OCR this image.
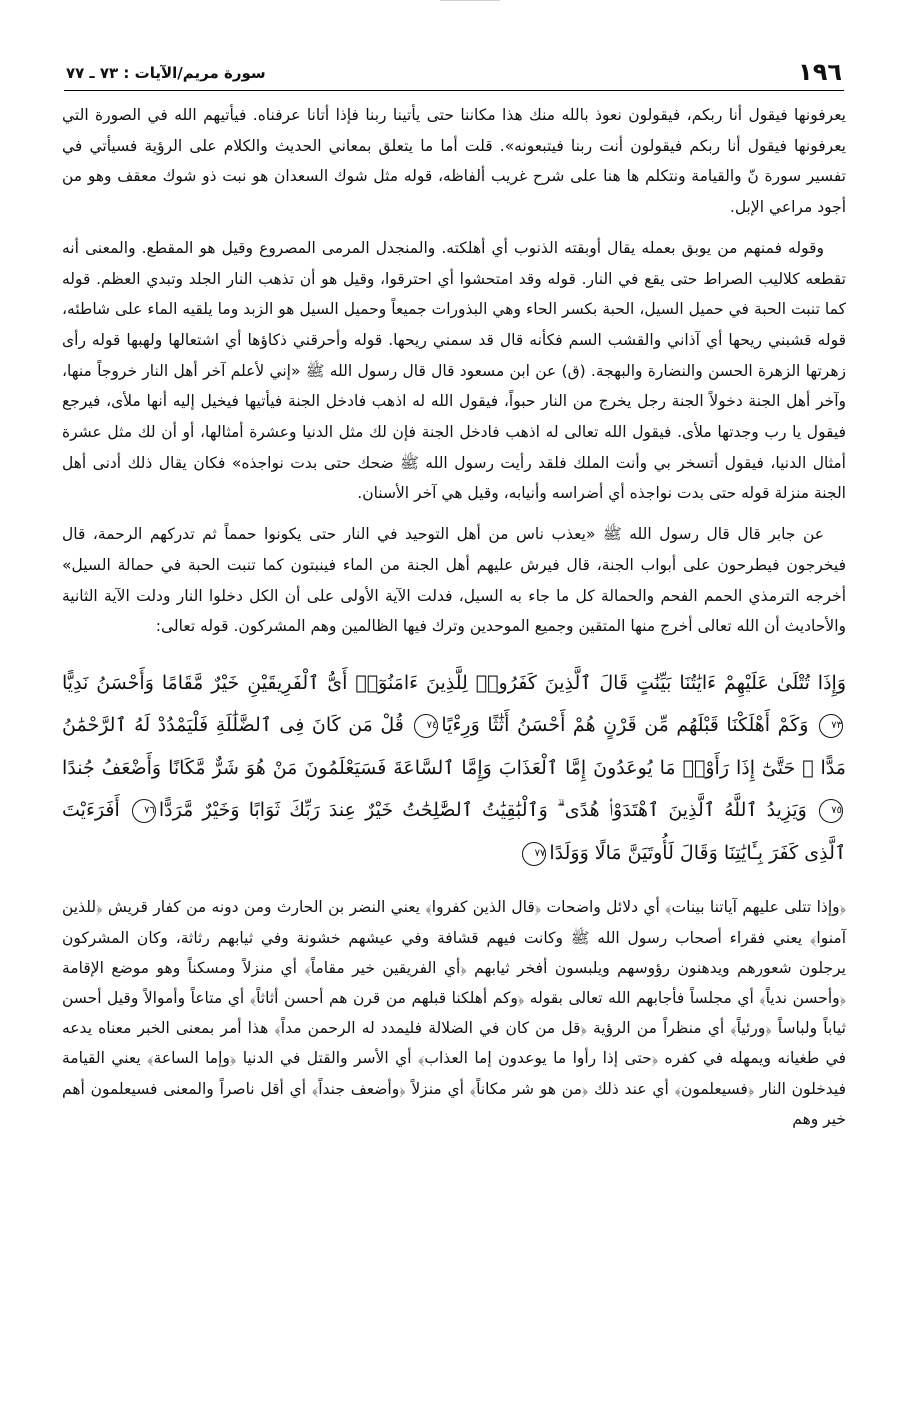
١٩٦
سورة مريم/الآيات : ٧٣ ـ ٧٧

يعرفونها فيقول أنا ربكم، فيقولون نعوذ بالله منك هذا مكاننا حتى يأتينا ربنا فإذا أتانا عرفناه. فيأتيهم الله في الصورة التي يعرفونها فيقول أنا ربكم فيقولون أنت ربنا فيتبعونه». قلت أما ما يتعلق بمعاني الحديث والكلام على الرؤية فسيأتي في تفسير سورة نّ والقيامة ونتكلم ها هنا على شرح غريب ألفاظه، قوله مثل شوك السعدان هو نبت ذو شوك معقف وهو من أجود مراعي الإبل.

وقوله فمنهم من يوبق بعمله يقال أوبقته الذنوب أي أهلكته. والمنجدل المرمى المصروع وقيل هو المقطع. والمعنى أنه تقطعه كلاليب الصراط حتى يقع في النار. قوله وقد امتحشوا أي احترقوا، وقيل هو أن تذهب النار الجلد وتبدي العظم. قوله كما تنبت الحبة في حميل السيل، الحبة بكسر الحاء وهي البذورات جميعاً وحميل السيل هو الزبد وما يلقيه الماء على شاطئه، قوله قشبني ريحها أي آذاني والقشب السم فكأنه قال قد سمني ريحها. قوله وأحرقني ذكاؤها أي اشتعالها ولهبها قوله رأى زهرتها الزهرة الحسن والنضارة والبهجة. (ق) عن ابن مسعود قال قال رسول الله ﷺ «إني لأعلم آخر أهل النار خروجاً منها، وآخر أهل الجنة دخولاً الجنة رجل يخرج من النار حبواً، فيقول الله له اذهب فادخل الجنة فيأتيها فيخيل إليه أنها ملأى، فيرجع فيقول يا رب وجدتها ملأى. فيقول الله تعالى له اذهب فادخل الجنة فإن لك مثل الدنيا وعشرة أمثالها، أو أن لك مثل عشرة أمثال الدنيا، فيقول أتسخر بي وأنت الملك فلقد رأيت رسول الله ﷺ ضحك حتى بدت نواجذه» فكان يقال ذلك أدنى أهل الجنة منزلة قوله حتى بدت نواجذه أي أضراسه وأنيابه، وقيل هي آخر الأسنان.

عن جابر قال قال رسول الله ﷺ «يعذب ناس من أهل التوحيد في النار حتى يكونوا حمماً ثم تدركهم الرحمة، قال فيخرجون فيطرحون على أبواب الجنة، قال فيرش عليهم أهل الجنة من الماء فينبتون كما تنبت الحبة في حمالة السيل» أخرجه الترمذي الحمم الفحم والحمالة كل ما جاء به السيل، فدلت الآية الأولى على أن الكل دخلوا النار ودلت الآية الثانية والأحاديث أن الله تعالى أخرج منها المتقين وجميع الموحدين وترك فيها الظالمين وهم المشركون. قوله تعالى:

وَإِذَا تُتْلَىٰ عَلَيْهِمْ ءَايَٰتُنَا بَيِّنَٰتٍ قَالَ ٱلَّذِينَ كَفَرُوا۟ لِلَّذِينَ ءَامَنُوٓا۟ أَىُّ ٱلْفَرِيقَيْنِ خَيْرٌ مَّقَامًا وَأَحْسَنُ نَدِيًّا٧٣ وَكَمْ أَهْلَكْنَا قَبْلَهُم مِّن قَرْنٍ هُمْ أَحْسَنُ أَثَٰثًا وَرِءْيًا٧٤ قُلْ مَن كَانَ فِى ٱلضَّلَٰلَةِ فَلْيَمْدُدْ لَهُ ٱلرَّحْمَٰنُ مَدًّا ۚ حَتَّىٰٓ إِذَا رَأَوْا۟ مَا يُوعَدُونَ إِمَّا ٱلْعَذَابَ وَإِمَّا ٱلسَّاعَةَ فَسَيَعْلَمُونَ مَنْ هُوَ شَرٌّ مَّكَانًا وَأَضْعَفُ جُندًا٧٥ وَيَزِيدُ ٱللَّهُ ٱلَّذِينَ ٱهْتَدَوْا۟ هُدًى ۗ وَٱلْبَٰقِيَٰتُ ٱلصَّٰلِحَٰتُ خَيْرٌ عِندَ رَبِّكَ ثَوَابًا وَخَيْرٌ مَّرَدًّا٧٦ أَفَرَءَيْتَ ٱلَّذِى كَفَرَ بِـَٔايَٰتِنَا وَقَالَ لَأُوتَيَنَّ مَالًا وَوَلَدًا٧٧

﴿وإذا تتلى عليهم آياتنا بينات﴾ أي دلائل واضحات ﴿قال الذين كفروا﴾ يعني النضر بن الحارث ومن دونه من كفار قريش ﴿للذين آمنوا﴾ يعني فقراء أصحاب رسول الله ﷺ وكانت فيهم قشافة وفي عيشهم خشونة وفي ثيابهم رثاثة، وكان المشركون يرجلون شعورهم ويدهنون رؤوسهم ويلبسون أفخر ثيابهم ﴿أي الفريقين خير مقاماً﴾ أي منزلاً ومسكناً وهو موضع الإقامة ﴿وأحسن ندياً﴾ أي مجلساً فأجابهم الله تعالى بقوله ﴿وكم أهلكنا قبلهم من قرن هم أحسن أثاثاً﴾ أي متاعاً وأموالاً وقيل أحسن ثياباً ولباساً ﴿ورئياً﴾ أي منظراً من الرؤية ﴿قل من كان في الضلالة فليمدد له الرحمن مداً﴾ هذا أمر بمعنى الخبر معناه يدعه في طغيانه ويمهله في كفره ﴿حتى إذا رأوا ما يوعدون إما العذاب﴾ أي الأسر والقتل في الدنيا ﴿وإما الساعة﴾ يعني القيامة فيدخلون النار ﴿فسيعلمون﴾ أي عند ذلك ﴿من هو شر مكاناً﴾ أي منزلاً ﴿وأضعف جنداً﴾ أي أقل ناصراً والمعنى فسيعلمون أهم خير وهم
